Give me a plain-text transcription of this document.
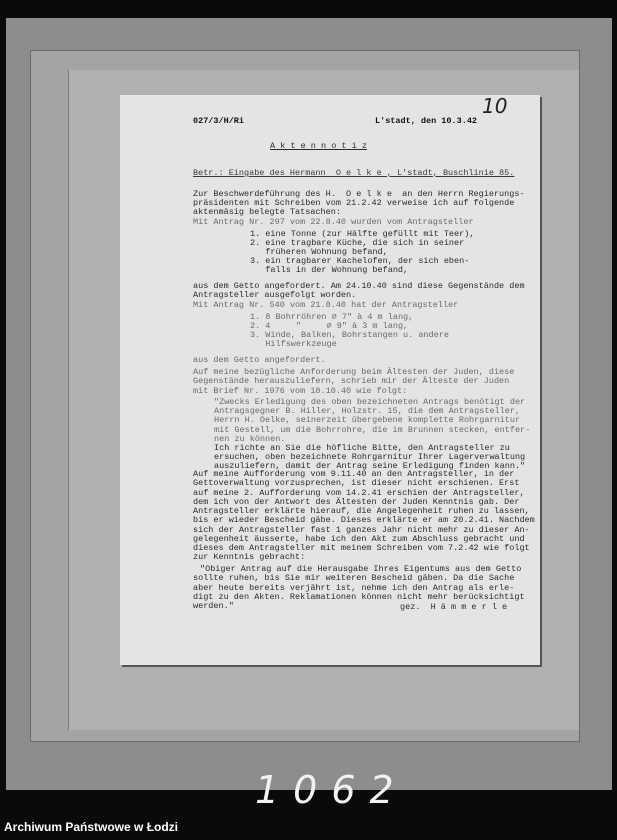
027/3/H/Ri	L'stadt, den 10.3.42
10
A k t e n n o t i z
Betr.: Eingabe des Hermann  O e l k e , L'stadt, Buschlinie 85.
Zur Beschwerdeführung des H.  O e l k e  an den Herrn Regierungs-
präsidenten mit Schreiben vom 21.2.42 verweise ich auf folgende
aktenmäsig belegte Tatsachen:
Mit Antrag Nr. 297 vom 22.8.40 wurden vom Antragsteller
1. eine Tonne (zur Hälfte gefüllt mit Teer),
2. eine tragbare Küche, die sich in seiner
früheren Wohnung befand,
3. ein tragbarer Kachelofen, der sich eben-
falls in der Wohnung befand,
aus dem Getto angefordert. Am 24.10.40 sind diese Gegenstände dem
Antragsteller ausgefolgt worden.
Mit Antrag Nr. 540 vom 21.8.40 hat der Antragsteller
1. 8 Bohrröhren ∅ 7" à 4 m lang,
2. 4     "     ∅ 9" à 3 m lang,
3. Winde, Balken, Bohrstangen u. andere
Hilfswerkzeuge
aus dem Getto angefordert.
Auf meine bezügliche Anforderung beim Ältesten der Juden, diese
Gegenstände herauszuliefern, schrieb mir der Älteste der Juden
mit Brief Nr. 1976 vom 18.10.40 wie folgt:
"Zwecks Erledigung des oben bezeichneten Antrags benötigt der
Antragsgegner B. Hiller, Holzstr. 15, die dem Antragsteller,
Herrn H. Oelke, seinerzeit übergebene komplette Rohrgarnitur
mit Gestell, um die Bohrrohre, die im Brunnen stecken, entfer-
nen zu können.
Ich richte an Sie die höfliche Bitte, den Antragsteller zu
ersuchen, oben bezeichnete Rohrgarnitur Ihrer Lagerverwaltung
auszuliefern, damit der Antrag seine Erledigung finden kann."
Auf meine Aufforderung vom 9.11.40 an den Antragsteller, in der
Gettoverwaltung vorzusprechen, ist dieser nicht erschienen. Erst
auf meine 2. Aufforderung vom 14.2.41 erschien der Antragsteller,
dem ich von der Antwort des Ältesten der Juden Kenntnis gab. Der
Antragsteller erklärte hierauf, die Angelegenheit ruhen zu lassen,
bis er wieder Bescheid gäbe. Dieses erklärte er am 20.2.41. Nachdem
sich der Antragsteller fast 1 ganzes Jahr nicht mehr zu dieser An-
gelegenheit äusserte, habe ich den Akt zum Abschluss gebracht und
dieses dem Antragsteller mit meinem Schreiben vom 7.2.42 wie folgt
zur Kenntnis gebracht:
"Obiger Antrag auf die Herausgabe Ihres Eigentums aus dem Getto
sollte ruhen, bis Sie mir weiteren Bescheid gäben. Da die Sache
aber heute bereits verjährt ist, nehme ich den Antrag als erle-
digt zu den Akten. Reklamationen können nicht mehr berücksichtigt
werden."	gez.  H ä m m e r l e
1062
Archiwum Państwowe w Łodzi
